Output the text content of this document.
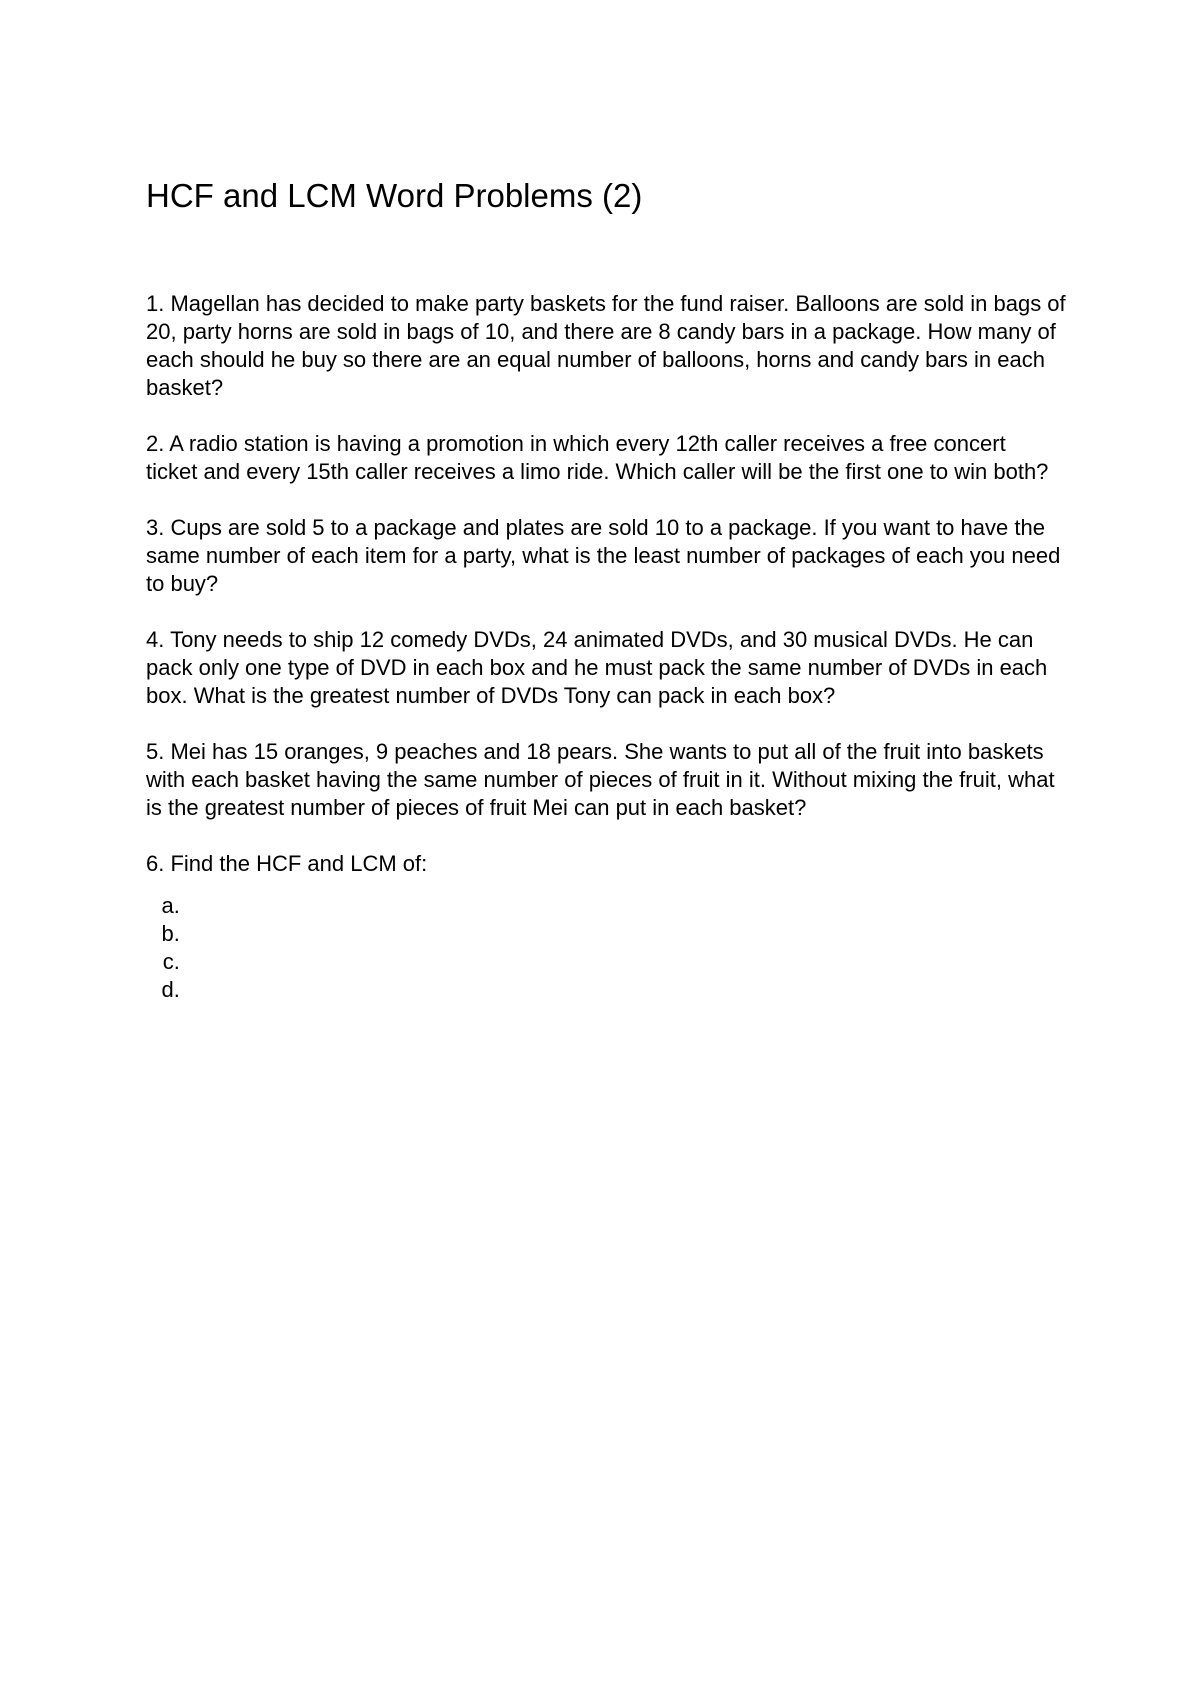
HCF and LCM Word Problems (2)

1. Magellan has decided to make party baskets for the fund raiser. Balloons are sold in bags of 20, party horns are sold in bags of 10, and there are 8 candy bars in a package. How many of each should he buy so there are an equal number of balloons, horns and candy bars in each basket?

2. A radio station is having a promotion in which every 12th caller receives a free concert ticket and every 15th caller receives a limo ride. Which caller will be the first one to win both?

3. Cups are sold 5 to a package and plates are sold 10 to a package. If you want to have the same number of each item for a party, what is the least number of packages of each you need to buy?

4. Tony needs to ship 12 comedy DVDs, 24 animated DVDs, and 30 musical DVDs. He can pack only one type of DVD in each box and he must pack the same number of DVDs in each box. What is the greatest number of DVDs Tony can pack in each box?

5. Mei has 15 oranges, 9 peaches and 18 pears. She wants to put all of the fruit into baskets with each basket having the same number of pieces of fruit in it. Without mixing the fruit, what is the greatest number of pieces of fruit Mei can put in each basket?

6. Find the HCF and LCM of:

a.
b.
c.
d.
